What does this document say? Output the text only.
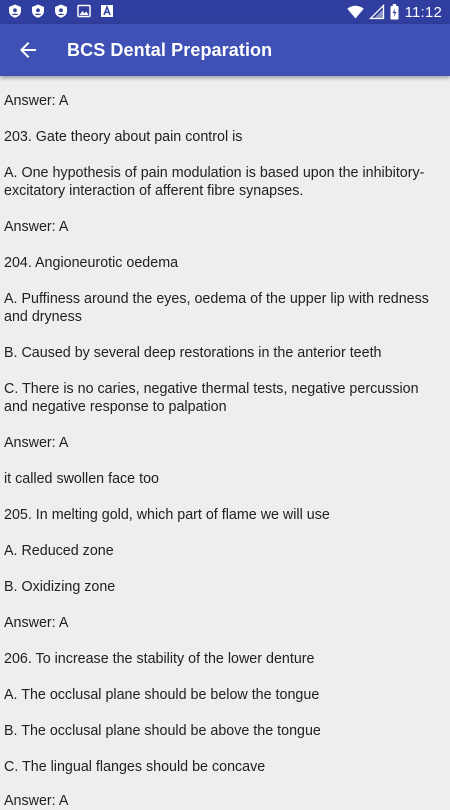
11:12
BCS Dental Preparation
Answer: A
203. Gate theory about pain control is
A. One hypothesis of pain modulation is based upon the inhibitory-
excitatory interaction of afferent fibre synapses.
Answer: A
204. Angioneurotic oedema
A. Puffiness around the eyes, oedema of the upper lip with redness
and dryness
B. Caused by several deep restorations in the anterior teeth
C. There is no caries, negative thermal tests, negative percussion
and negative response to palpation
Answer: A
it called swollen face too
205. In melting gold, which part of flame we will use
A. Reduced zone
B. Oxidizing zone
Answer: A
206. To increase the stability of the lower denture
A. The occlusal plane should be below the tongue
B. The occlusal plane should be above the tongue
C. The lingual flanges should be concave
Answer: A
